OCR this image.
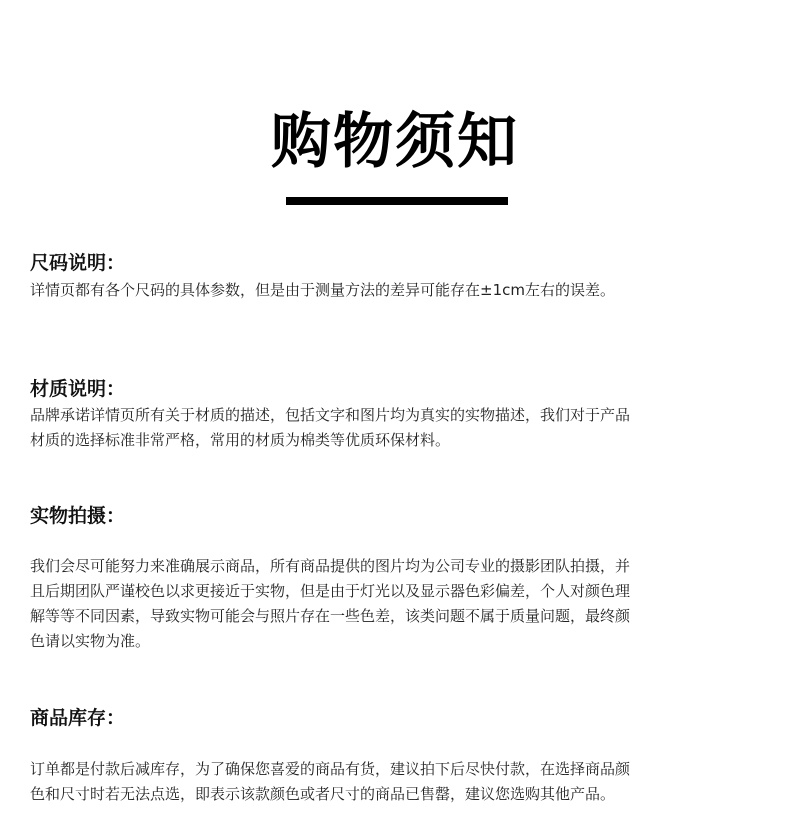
购物须知
尺码说明：
详情页都有各个尺码的具体参数，但是由于测量方法的差异可能存在±1cm左右的误差。
材质说明：
品牌承诺详情页所有关于材质的描述，包括文字和图片均为真实的实物描述，我们对于产品
材质的选择标准非常严格，常用的材质为棉类等优质环保材料。
实物拍摄：
我们会尽可能努力来准确展示商品，所有商品提供的图片均为公司专业的摄影团队拍摄，并
且后期团队严谨校色以求更接近于实物，但是由于灯光以及显示器色彩偏差，个人对颜色理
解等等不同因素，导致实物可能会与照片存在一些色差，该类问题不属于质量问题，最终颜
色请以实物为准。
商品库存：
订单都是付款后减库存，为了确保您喜爱的商品有货，建议拍下后尽快付款，在选择商品颜
色和尺寸时若无法点选，即表示该款颜色或者尺寸的商品已售罄，建议您选购其他产品。
